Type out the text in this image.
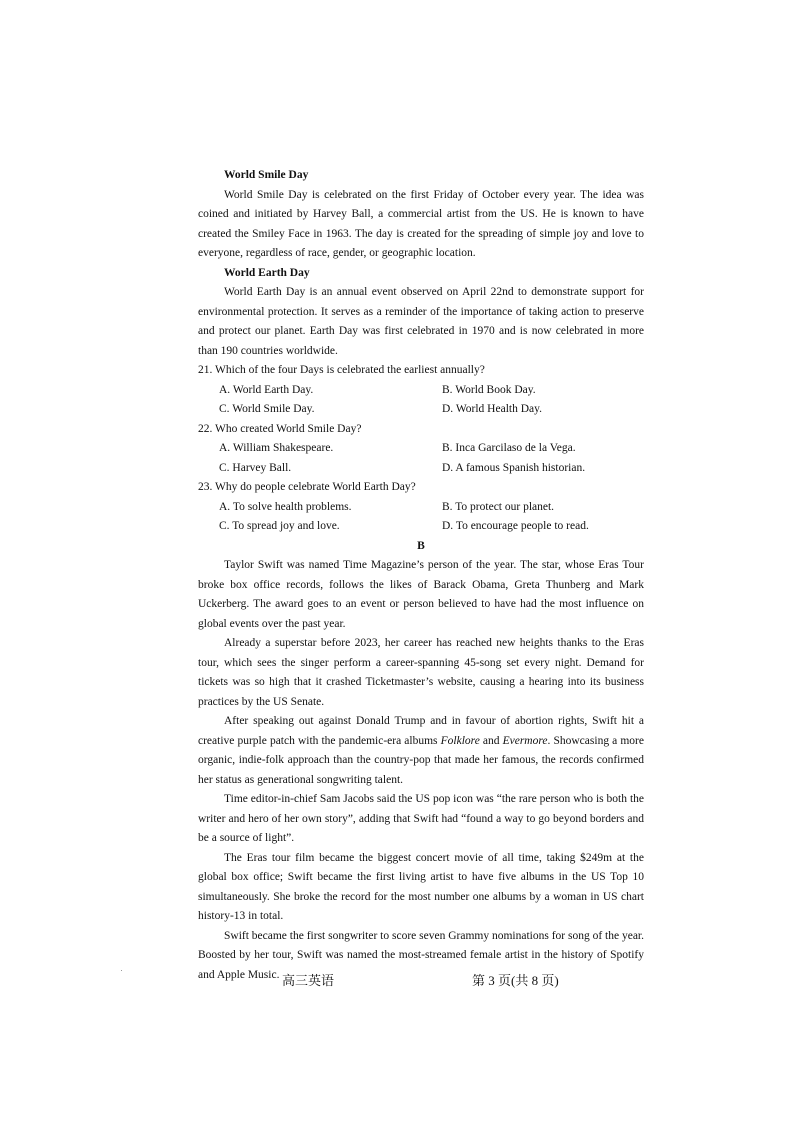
World Smile Day

World Smile Day is celebrated on the first Friday of October every year. The idea was coined and initiated by Harvey Ball, a commercial artist from the US. He is known to have created the Smiley Face in 1963. The day is created for the spreading of simple joy and love to everyone, regardless of race, gender, or geographic location.

World Earth Day

World Earth Day is an annual event observed on April 22nd to demonstrate support for environmental protection. It serves as a reminder of the importance of taking action to preserve and protect our planet. Earth Day was first celebrated in 1970 and is now celebrated in more than 190 countries worldwide.

21. Which of the four Days is celebrated the earliest annually?
A. World Earth Day.	B. World Book Day.
C. World Smile Day.	D. World Health Day.
22. Who created World Smile Day?
A. William Shakespeare.	B. Inca Garcilaso de la Vega.
C. Harvey Ball.	D. A famous Spanish historian.
23. Why do people celebrate World Earth Day?
A. To solve health problems.	B. To protect our planet.
C. To spread joy and love.	D. To encourage people to read.
B

Taylor Swift was named Time Magazine’s person of the year. The star, whose Eras Tour broke box office records, follows the likes of Barack Obama, Greta Thunberg and Mark Uckerberg. The award goes to an event or person believed to have had the most influence on global events over the past year.

Already a superstar before 2023, her career has reached new heights thanks to the Eras tour, which sees the singer perform a career-spanning 45-song set every night. Demand for tickets was so high that it crashed Ticketmaster’s website, causing a hearing into its business practices by the US Senate.

After speaking out against Donald Trump and in favour of abortion rights, Swift hit a creative purple patch with the pandemic-era albums Folklore and Evermore. Showcasing a more organic, indie-folk approach than the country-pop that made her famous, the records confirmed her status as generational songwriting talent.

Time editor-in-chief Sam Jacobs said the US pop icon was “the rare person who is both the writer and hero of her own story”, adding that Swift had “found a way to go beyond borders and be a source of light”.

The Eras tour film became the biggest concert movie of all time, taking $249m at the global box office; Swift became the first living artist to have five albums in the US Top 10 simultaneously. She broke the record for the most number one albums by a woman in US chart history-13 in total.

Swift became the first songwriter to score seven Grammy nominations for song of the year. Boosted by her tour, Swift was named the most-streamed female artist in the history of Spotify and Apple Music. 高三英语	第 3 页(共 8 页)
